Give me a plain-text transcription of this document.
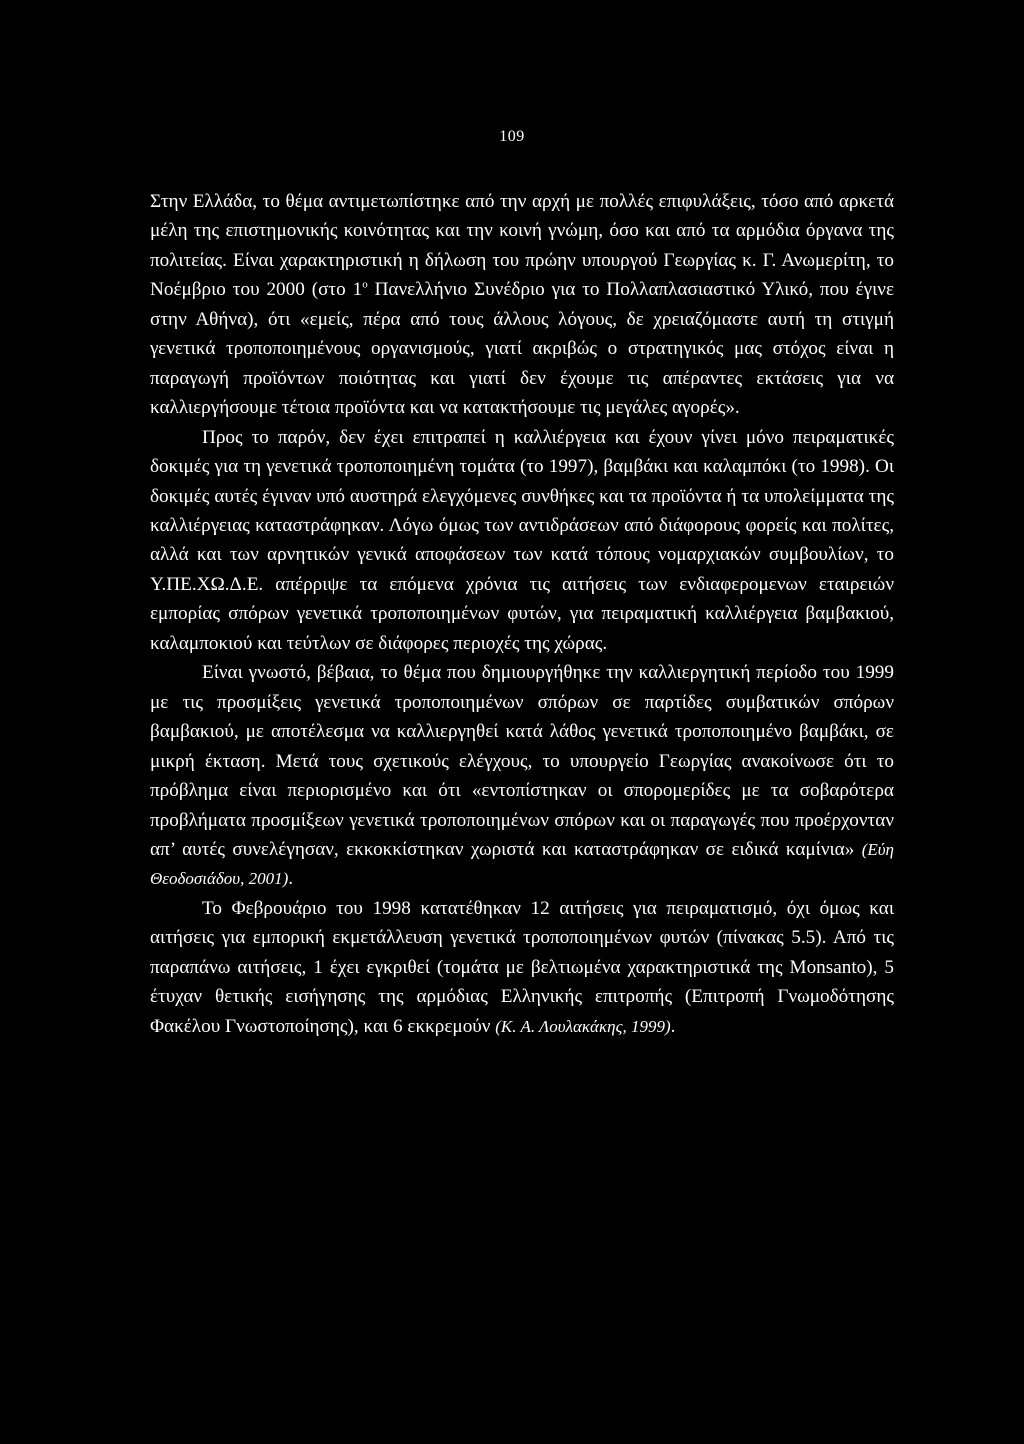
109

Στην Ελλάδα, το θέμα αντιμετωπίστηκε από την αρχή με πολλές επιφυλάξεις, τόσο από αρκετά μέλη της επιστημονικής κοινότητας και την κοινή γνώμη, όσο και από τα αρμόδια όργανα της πολιτείας. Είναι χαρακτηριστική η δήλωση του πρώην υπουργού Γεωργίας κ. Γ. Ανωμερίτη, το Νοέμβριο του 2000 (στο $1^o$ Πανελλήνιο Συνέδριο για το Πολλαπλασιαστικό Υλικό, που έγινε στην Αθήνα), ότι «εμείς, πέρα από τους άλλους λόγους, δε χρειαζόμαστε αυτή τη στιγμή γενετικά τροποποιημένους οργανισμούς, γιατί ακριβώς ο στρατηγικός μας στόχος είναι η παραγωγή προϊόντων ποιότητας και γιατί δεν έχουμε τις απέραντες εκτάσεις για να καλλιεργήσουμε τέτοια προϊόντα και να κατακτήσουμε τις μεγάλες αγορές».

Προς το παρόν, δεν έχει επιτραπεί η καλλιέργεια και έχουν γίνει μόνο πειραματικές δοκιμές για τη γενετικά τροποποιημένη τομάτα (το 1997), βαμβάκι και καλαμπόκι (το 1998). Οι δοκιμές αυτές έγιναν υπό αυστηρά ελεγχόμενες συνθήκες και τα προϊόντα ή τα υπολείμματα της καλλιέργειας καταστράφηκαν. Λόγω όμως των αντιδράσεων από διάφορους φορείς και πολίτες, αλλά και των αρνητικών γενικά αποφάσεων των κατά τόπους νομαρχιακών συμβουλίων, το Υ.ΠΕ.ΧΩ.Δ.Ε. απέρριψε τα επόμενα χρόνια τις αιτήσεις των ενδιαφερομενων εταιρειών εμπορίας σπόρων γενετικά τροποποιημένων φυτών, για πειραματική καλλιέργεια βαμβακιού, καλαμποκιού και τεύτλων σε διάφορες περιοχές της χώρας.

Είναι γνωστό, βέβαια, το θέμα που δημιουργήθηκε την καλλιεργητική περίοδο του 1999 με τις προσμίξεις γενετικά τροποποιημένων σπόρων σε παρτίδες συμβατικών σπόρων βαμβακιού, με αποτέλεσμα να καλλιεργηθεί κατά λάθος γενετικά τροποποιημένο βαμβάκι, σε μικρή έκταση. Μετά τους σχετικούς ελέγχους, το υπουργείο Γεωργίας ανακοίνωσε ότι το πρόβλημα είναι περιορισμένο και ότι «εντοπίστηκαν οι σπορομερίδες με τα σοβαρότερα προβλήματα προσμίξεων γενετικά τροποποιημένων σπόρων και οι παραγωγές που προέρχονταν απ’ αυτές συνελέγησαν, εκκοκκίστηκαν χωριστά και καταστράφηκαν σε ειδικά καμίνια» (Εύη Θεοδοσιάδου, 2001).

Το Φεβρουάριο του 1998 κατατέθηκαν 12 αιτήσεις για πειραματισμό, όχι όμως και αιτήσεις για εμπορική εκμετάλλευση γενετικά τροποποιημένων φυτών (πίνακας 5.5). Από τις παραπάνω αιτήσεις, 1 έχει εγκριθεί (τομάτα με βελτιωμένα χαρακτηριστικά της Monsanto), 5 έτυχαν θετικής εισήγησης της αρμόδιας Ελληνικής επιτροπής (Επιτροπή Γνωμοδότησης Φακέλου Γνωστοποίησης), και 6 εκκρεμούν (Κ. Α. Λουλακάκης, 1999).
